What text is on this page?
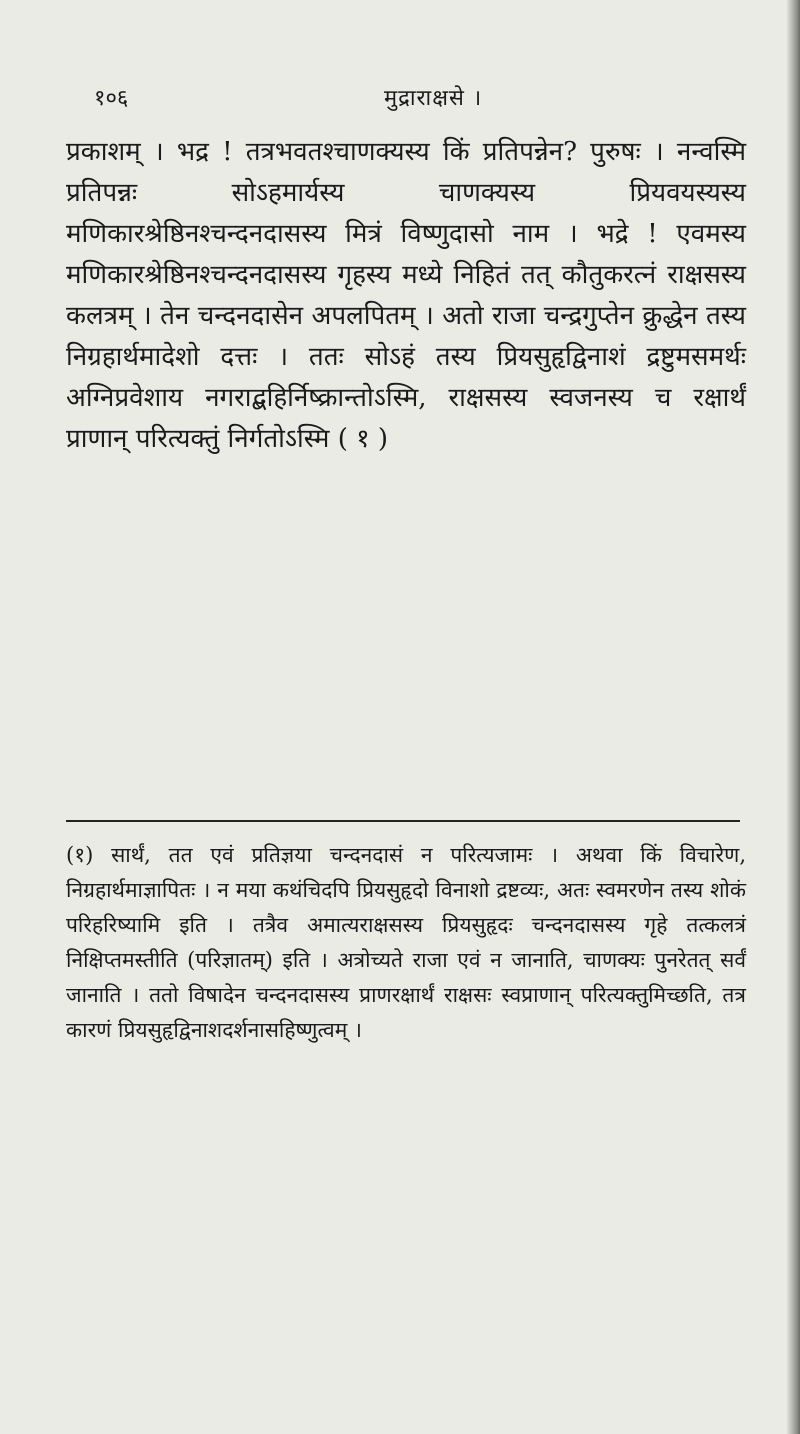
१०६	मुद्राराक्षसे ।

प्रकाशम् । भद्र ! तत्रभवतश्चाणक्यस्य किं प्रतिपन्नेन? पुरुषः । नन्वस्मि प्रतिपन्नः सोऽहमार्यस्य चाणक्यस्य प्रियवयस्यस्य मणिकारश्रेष्ठिनश्चन्दनदासस्य मित्रं विष्णुदासो नाम । भद्रे ! एवमस्य मणिकारश्रेष्ठिनश्चन्दनदासस्य गृहस्य मध्ये निहितं तत् कौतुकरत्नं राक्षसस्य कलत्रम् । तेन चन्दनदासेन अपलपितम् । अतो राजा चन्द्रगुप्तेन क्रुद्धेन तस्य निग्रहार्थमादेशो दत्तः । ततः सोऽहं तस्य प्रियसुहृद्विनाशं द्रष्टुमसमर्थः अग्निप्रवेशाय नगराद्बहिर्निष्क्रान्तोऽस्मि, राक्षसस्य स्वजनस्य च रक्षार्थं प्राणान् परित्यक्तुं निर्गतोऽस्मि ( १ )

(१) सार्थं, तत एवं प्रतिज्ञया चन्दनदासं न परित्यजामः । अथवा किं विचारेण, निग्रहार्थमाज्ञापितः । न मया कथंचिदपि प्रियसुहृदो विनाशो द्रष्टव्यः, अतः स्वमरणेन तस्य शोकं परिहरिष्यामि इति । तत्रैव अमात्यराक्षसस्य प्रियसुहृदः चन्दनदासस्य गृहे तत्कलत्रं निक्षिप्तमस्तीति (परिज्ञातम्) इति । अत्रोच्यते राजा एवं न जानाति, चाणक्यः पुनरेतत् सर्वं जानाति । ततो विषादेन चन्दनदासस्य प्राणरक्षार्थं राक्षसः स्वप्राणान् परित्यक्तुमिच्छति, तत्र कारणं प्रियसुहृद्विनाशदर्शनासहिष्णुत्वम् ।
